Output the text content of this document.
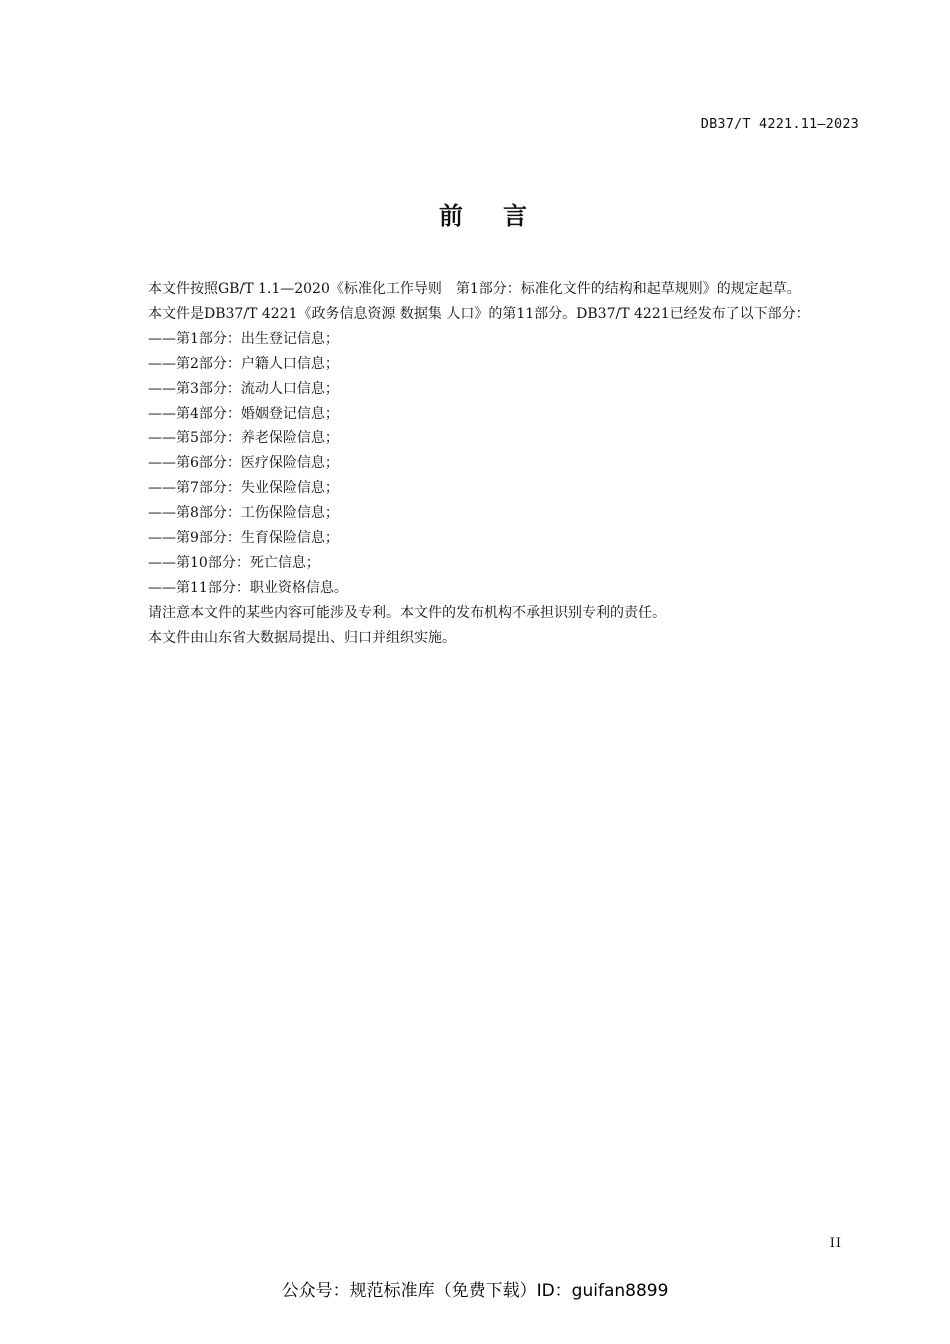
DB37/T 4221.11—2023
前言

本文件按照GB/T 1.1—2020《标准化工作导则　第1部分：标准化文件的结构和起草规则》的规定起草。

本文件是DB37/T 4221《政务信息资源 数据集 人口》的第11部分。DB37/T 4221已经发布了以下部分：

——第1部分：出生登记信息；
——第2部分：户籍人口信息；
——第3部分：流动人口信息；
——第4部分：婚姻登记信息；
——第5部分：养老保险信息；
——第6部分：医疗保险信息；
——第7部分：失业保险信息；
——第8部分：工伤保险信息；
——第9部分：生育保险信息；
——第10部分：死亡信息；
——第11部分：职业资格信息。

请注意本文件的某些内容可能涉及专利。本文件的发布机构不承担识别专利的责任。

本文件由山东省大数据局提出、归口并组织实施。

II
公众号：规范标准库（免费下载）ID：guifan8899
